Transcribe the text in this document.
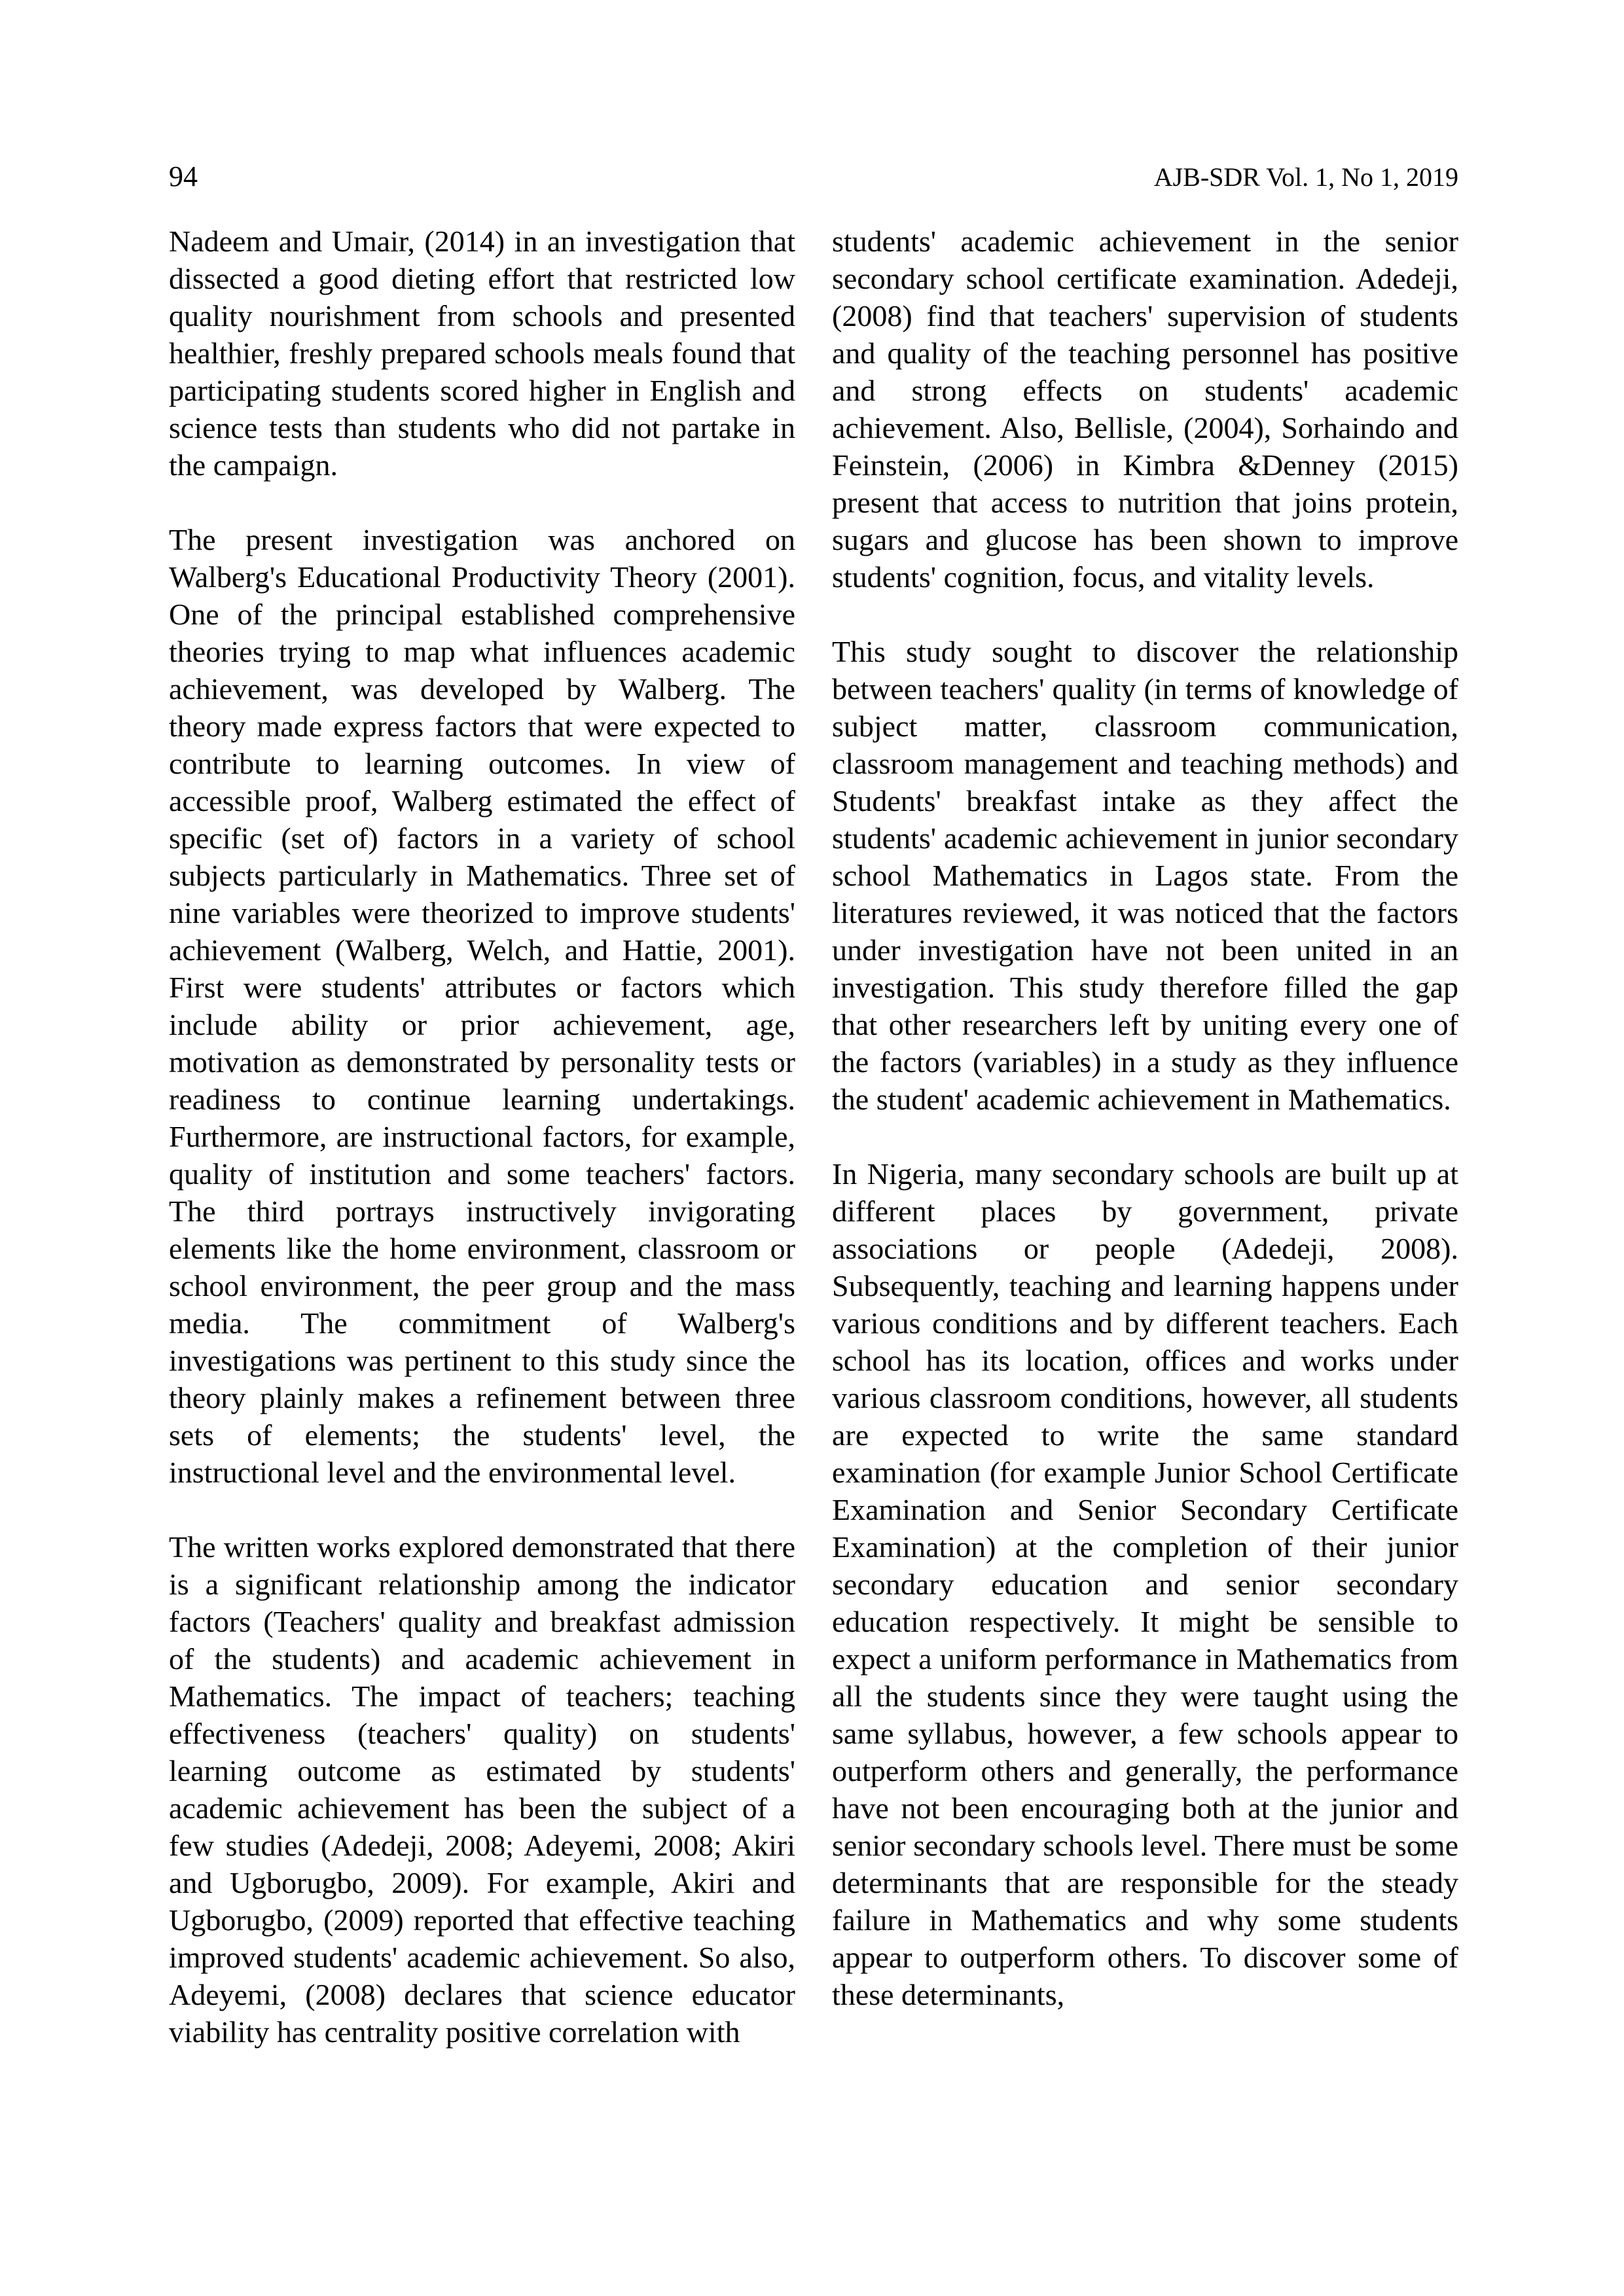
94	AJB-SDR Vol. 1, No 1, 2019

Nadeem and Umair, (2014) in an investigation that dissected a good dieting effort that restricted low quality nourishment from schools and presented healthier, freshly prepared schools meals found that participating students scored higher in English and science tests than students who did not partake in the campaign.

The present investigation was anchored on Walberg's Educational Productivity Theory (2001). One of the principal established comprehensive theories trying to map what influences academic achievement, was developed by Walberg. The theory made express factors that were expected to contribute to learning outcomes. In view of accessible proof, Walberg estimated the effect of specific (set of) factors in a variety of school subjects particularly in Mathematics. Three set of nine variables were theorized to improve students' achievement (Walberg, Welch, and Hattie, 2001). First were students' attributes or factors which include ability or prior achievement, age, motivation as demonstrated by personality tests or readiness to continue learning undertakings. Furthermore, are instructional factors, for example, quality of institution and some teachers' factors. The third portrays instructively invigorating elements like the home environment, classroom or school environment, the peer group and the mass media. The commitment of Walberg's investigations was pertinent to this study since the theory plainly makes a refinement between three sets of elements; the students' level, the instructional level and the environmental level.

The written works explored demonstrated that there is a significant relationship among the indicator factors (Teachers' quality and breakfast admission of the students) and academic achievement in Mathematics. The impact of teachers; teaching effectiveness (teachers' quality) on students' learning outcome as estimated by students' academic achievement has been the subject of a few studies (Adedeji, 2008; Adeyemi, 2008; Akiri and Ugborugbo, 2009). For example, Akiri and Ugborugbo, (2009) reported that effective teaching improved students' academic achievement. So also, Adeyemi, (2008) declares that science educator viability has centrality positive correlation with

students' academic achievement in the senior secondary school certificate examination. Adedeji, (2008) find that teachers' supervision of students and quality of the teaching personnel has positive and strong effects on students' academic achievement. Also, Bellisle, (2004), Sorhaindo and Feinstein, (2006) in Kimbra &Denney (2015) present that access to nutrition that joins protein, sugars and glucose has been shown to improve students' cognition, focus, and vitality levels.

This study sought to discover the relationship between teachers' quality (in terms of knowledge of subject matter, classroom communication, classroom management and teaching methods) and Students' breakfast intake as they affect the students' academic achievement in junior secondary school Mathematics in Lagos state. From the literatures reviewed, it was noticed that the factors under investigation have not been united in an investigation. This study therefore filled the gap that other researchers left by uniting every one of the factors (variables) in a study as they influence the student' academic achievement in Mathematics.

In Nigeria, many secondary schools are built up at different places by government, private associations or people (Adedeji, 2008). Subsequently, teaching and learning happens under various conditions and by different teachers. Each school has its location, offices and works under various classroom conditions, however, all students are expected to write the same standard examination (for example Junior School Certificate Examination and Senior Secondary Certificate Examination) at the completion of their junior secondary education and senior secondary education respectively. It might be sensible to expect a uniform performance in Mathematics from all the students since they were taught using the same syllabus, however, a few schools appear to outperform others and generally, the performance have not been encouraging both at the junior and senior secondary schools level. There must be some determinants that are responsible for the steady failure in Mathematics and why some students appear to outperform others. To discover some of these determinants,
